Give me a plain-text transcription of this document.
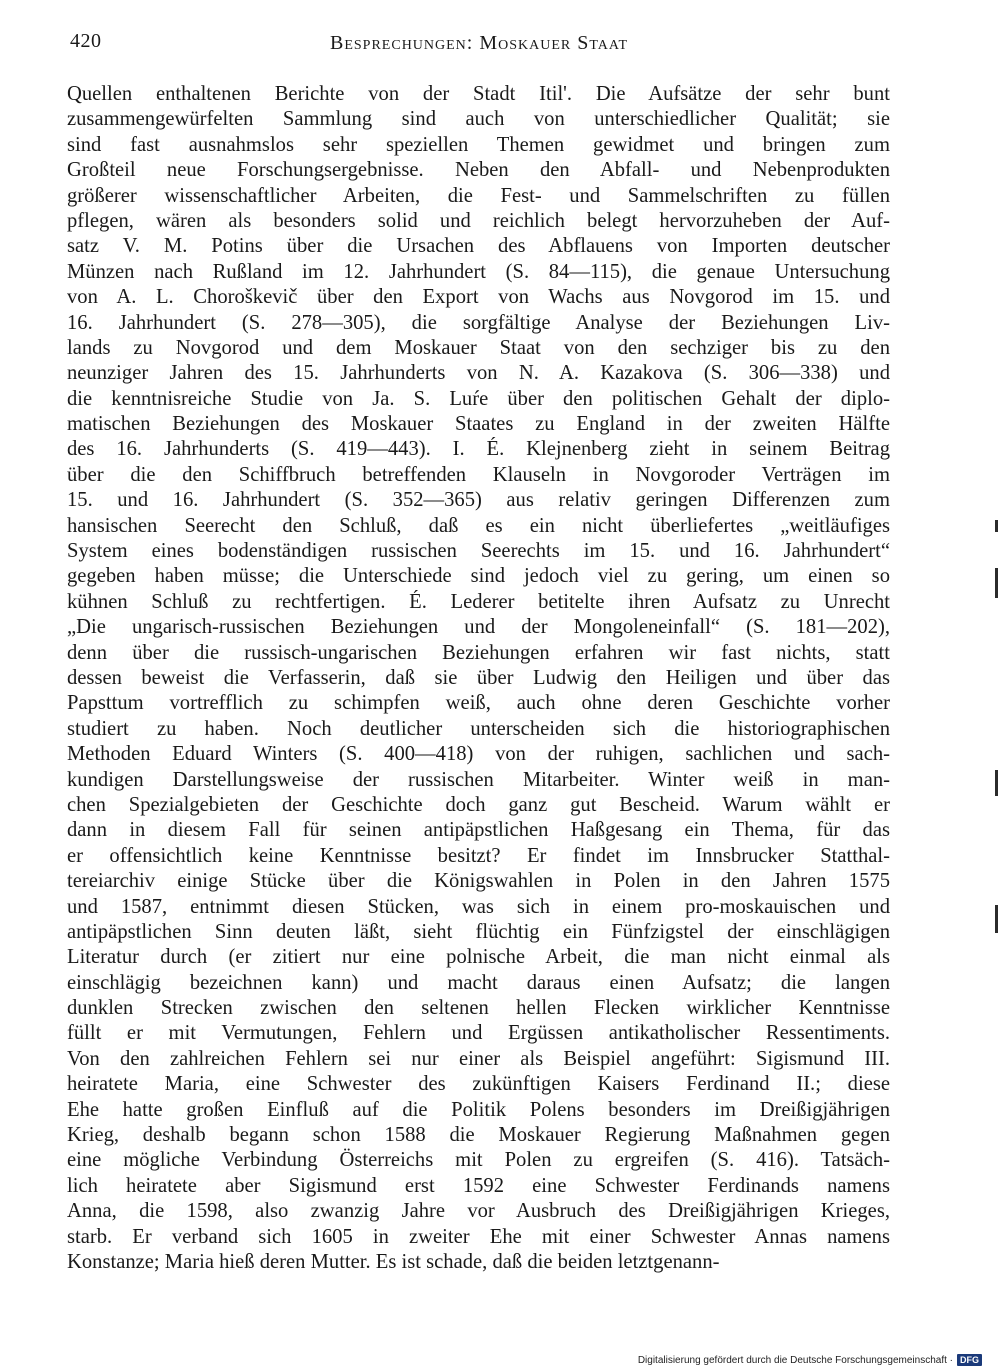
420	Besprechungen: Moskauer Staat
Quellen enthaltenen Berichte von der Stadt Itil'. Die Aufsätze der sehr bunt
zusammengewürfelten Sammlung sind auch von unterschiedlicher Qualität; sie
sind fast ausnahmslos sehr speziellen Themen gewidmet und bringen zum
Großteil neue Forschungsergebnisse. Neben den Abfall- und Nebenprodukten
größerer wissenschaftlicher Arbeiten, die Fest- und Sammelschriften zu füllen
pflegen, wären als besonders solid und reichlich belegt hervorzuheben der Auf-
satz V. M. Potins über die Ursachen des Abflauens von Importen deutscher
Münzen nach Rußland im 12. Jahrhundert (S. 84—115), die genaue Untersuchung
von A. L. Choroškevič über den Export von Wachs aus Novgorod im 15. und
16. Jahrhundert (S. 278—305), die sorgfältige Analyse der Beziehungen Liv-
lands zu Novgorod und dem Moskauer Staat von den sechziger bis zu den
neunziger Jahren des 15. Jahrhunderts von N. A. Kazakova (S. 306—338) und
die kenntnisreiche Studie von Ja. S. Luŕe über den politischen Gehalt der diplo-
matischen Beziehungen des Moskauer Staates zu England in der zweiten Hälfte
des 16. Jahrhunderts (S. 419—443). I. É. Klejnenberg zieht in seinem Beitrag
über die den Schiffbruch betreffenden Klauseln in Novgoroder Verträgen im
15. und 16. Jahrhundert (S. 352—365) aus relativ geringen Differenzen zum
hansischen Seerecht den Schluß, daß es ein nicht überliefertes „weitläufiges
System eines bodenständigen russischen Seerechts im 15. und 16. Jahrhundert“
gegeben haben müsse; die Unterschiede sind jedoch viel zu gering, um einen so
kühnen Schluß zu rechtfertigen. É. Lederer betitelte ihren Aufsatz zu Unrecht
„Die ungarisch-russischen Beziehungen und der Mongoleneinfall“ (S. 181—202),
denn über die russisch-ungarischen Beziehungen erfahren wir fast nichts, statt
dessen beweist die Verfasserin, daß sie über Ludwig den Heiligen und über das
Papsttum vortrefflich zu schimpfen weiß, auch ohne deren Geschichte vorher
studiert zu haben. Noch deutlicher unterscheiden sich die historiographischen
Methoden Eduard Winters (S. 400—418) von der ruhigen, sachlichen und sach-
kundigen Darstellungsweise der russischen Mitarbeiter. Winter weiß in man-
chen Spezialgebieten der Geschichte doch ganz gut Bescheid. Warum wählt er
dann in diesem Fall für seinen antipäpstlichen Haßgesang ein Thema, für das
er offensichtlich keine Kenntnisse besitzt? Er findet im Innsbrucker Statthal-
tereiarchiv einige Stücke über die Königswahlen in Polen in den Jahren 1575
und 1587, entnimmt diesen Stücken, was sich in einem pro-moskauischen und
antipäpstlichen Sinn deuten läßt, sieht flüchtig ein Fünfzigstel der einschlägigen
Literatur durch (er zitiert nur eine polnische Arbeit, die man nicht einmal als
einschlägig bezeichnen kann) und macht daraus einen Aufsatz; die langen
dunklen Strecken zwischen den seltenen hellen Flecken wirklicher Kenntnisse
füllt er mit Vermutungen, Fehlern und Ergüssen antikatholischer Ressentiments.
Von den zahlreichen Fehlern sei nur einer als Beispiel angeführt: Sigismund III.
heiratete Maria, eine Schwester des zukünftigen Kaisers Ferdinand II.; diese
Ehe hatte großen Einfluß auf die Politik Polens besonders im Dreißigjährigen
Krieg, deshalb begann schon 1588 die Moskauer Regierung Maßnahmen gegen
eine mögliche Verbindung Österreichs mit Polen zu ergreifen (S. 416). Tatsäch-
lich heiratete aber Sigismund erst 1592 eine Schwester Ferdinands namens
Anna, die 1598, also zwanzig Jahre vor Ausbruch des Dreißigjährigen Krieges,
starb. Er verband sich 1605 in zweiter Ehe mit einer Schwester Annas namens
Konstanze; Maria hieß deren Mutter. Es ist schade, daß die beiden letztgenann-
Digitalisierung gefördert durch die Deutsche Forschungsgemeinschaft · DFG
